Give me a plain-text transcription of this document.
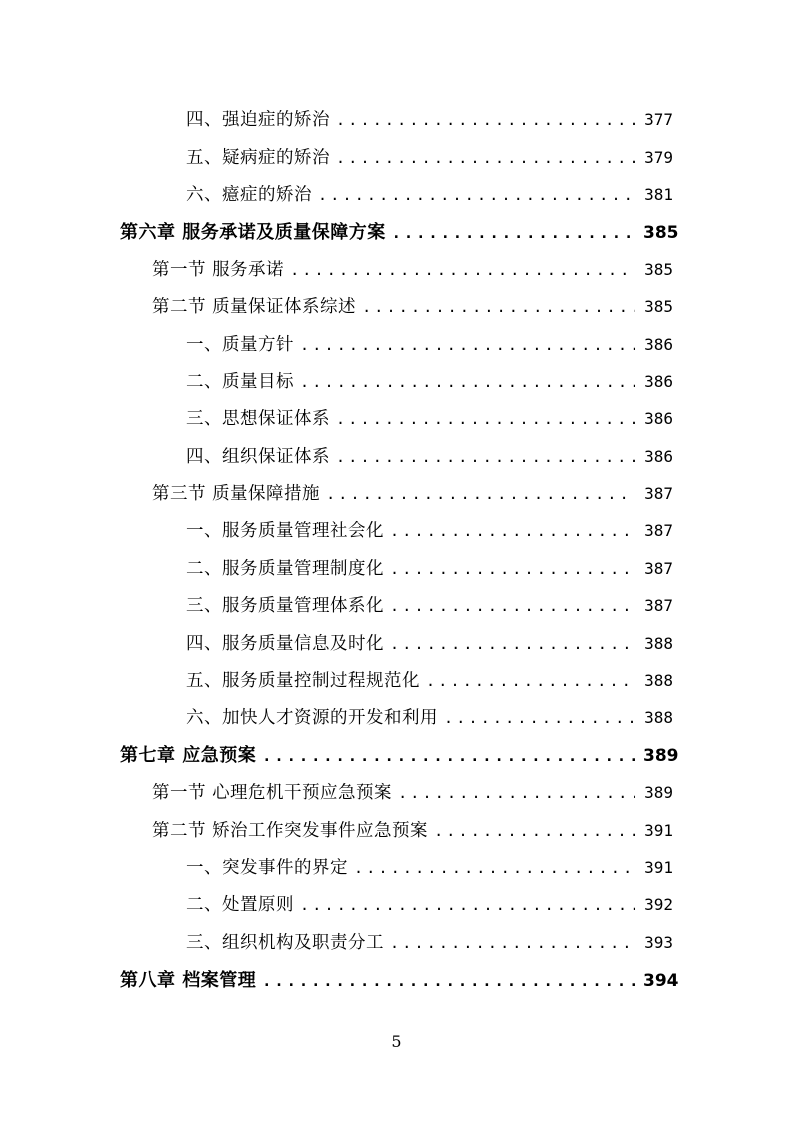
四、强迫症的矫治 .....	377
五、疑病症的矫治 .....	379
六、癔症的矫治 .....	381
第六章 服务承诺及质量保障方案 .....	385
第一节 服务承诺 .....	385
第二节 质量保证体系综述 .....	385
一、质量方针 .....	386
二、质量目标 .....	386
三、思想保证体系 .....	386
四、组织保证体系 .....	386
第三节 质量保障措施 .....	387
一、服务质量管理社会化 .....	387
二、服务质量管理制度化 .....	387
三、服务质量管理体系化 .....	387
四、服务质量信息及时化 .....	388
五、服务质量控制过程规范化 .....	388
六、加快人才资源的开发和利用 .....	388
第七章 应急预案 .....	389
第一节 心理危机干预应急预案 .....	389
第二节 矫治工作突发事件应急预案 .....	391
一、突发事件的界定 .....	391
二、处置原则 .....	392
三、组织机构及职责分工 .....	393
第八章 档案管理 .....	394
5
